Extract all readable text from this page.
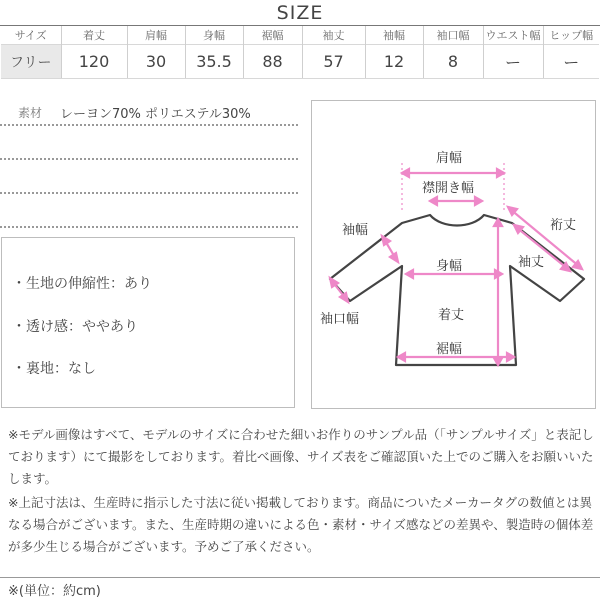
SIZE
サイズ	着丈	肩幅	身幅	裾幅	袖丈	袖幅	袖口幅	ウエスト幅	ヒップ幅
フリー	120	30	35.5	88	57	12	8	ー	ー
素材 レーヨン70% ポリエステル30%
・生地の伸縮性：あり
・透け感：ややあり
・裏地：なし
肩幅
襟開き幅
裄丈
袖幅
袖丈
身幅
袖口幅	着丈
裾幅
※モデル画像はすべて、モデルのサイズに合わせた細いお作りのサンプル品（「サンプルサイズ」と表記しております）にて撮影をしております。着比べ画像、サイズ表をご確認頂いた上でのご購入をお願いいたします。
※上記寸法は、生産時に指示した寸法に従い掲載しております。商品についたメーカータグの数値とは異なる場合がございます。また、生産時期の違いによる色・素材・サイズ感などの差異や、製造時の個体差が多少生じる場合がございます。予めご了承ください。
※(単位：約cm)
